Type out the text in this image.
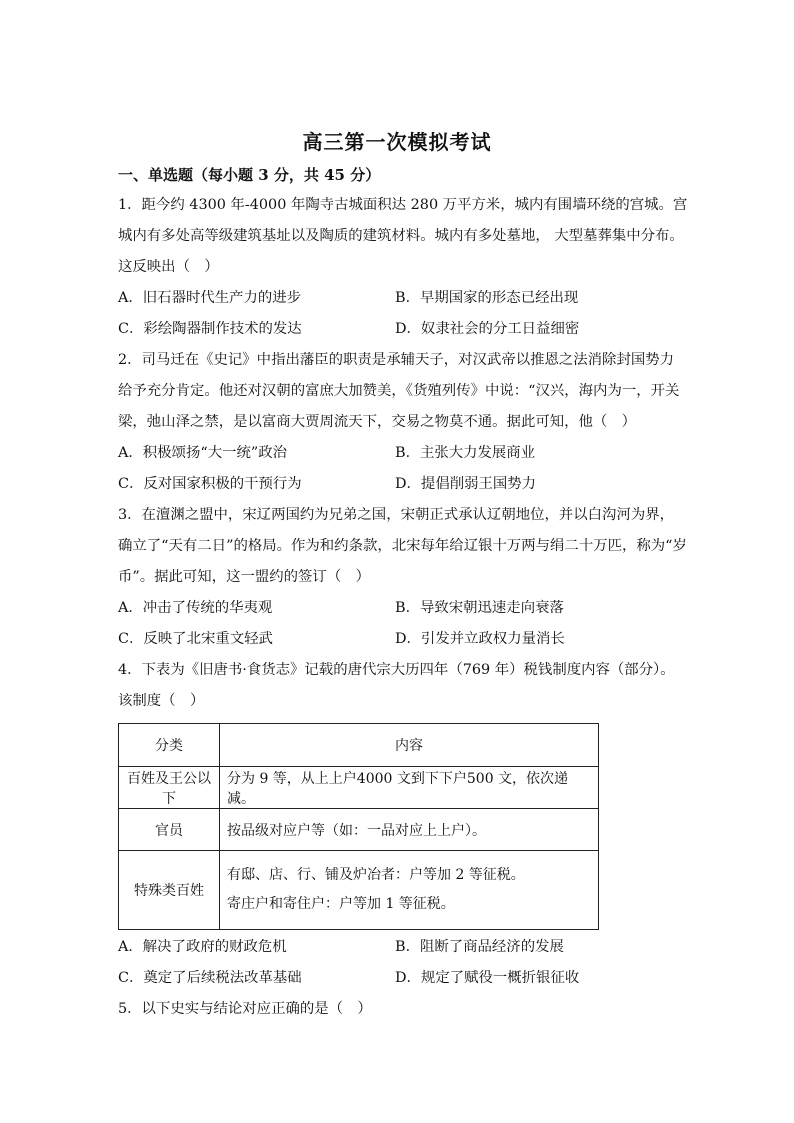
高三第一次模拟考试
一、单选题（每小题 3 分，共 45 分）

1．距今约 4300 年-4000 年陶寺古城面积达 280 万平方米，城内有围墙环绕的宫城。宫城内有多处高等级建筑基址以及陶质的建筑材料。城内有多处墓地， 大型墓葬集中分布。这反映出（　）

A．旧石器时代生产力的进步	B．早期国家的形态已经出现
C．彩绘陶器制作技术的发达	D．奴隶社会的分工日益细密

2．司马迁在《史记》中指出藩臣的职责是承辅天子，对汉武帝以推恩之法消除封国势力给予充分肯定。他还对汉朝的富庶大加赞美，《货殖列传》中说：“汉兴，海内为一，开关梁，弛山泽之禁，是以富商大贾周流天下，交易之物莫不通。据此可知，他（　）

A．积极颂扬“大一统”政治	B．主张大力发展商业
C．反对国家积极的干预行为	D．提倡削弱王国势力

3．在澶渊之盟中，宋辽两国约为兄弟之国，宋朝正式承认辽朝地位，并以白沟河为界，确立了“天有二日”的格局。作为和约条款，北宋每年给辽银十万两与绢二十万匹，称为“岁币”。据此可知，这一盟约的签订（　）

A．冲击了传统的华夷观	B．导致宋朝迅速走向衰落
C．反映了北宋重文轻武	D．引发并立政权力量消长

4．下表为《旧唐书·食货志》记载的唐代宗大历四年（769 年）税钱制度内容（部分）。该制度（　）

分类	内容
百姓及王公以下	分为 9 等，从上上户4000 文到下下户500 文，依次递减。
官员	按品级对应户等（如：一品对应上上户）。
特殊类百姓	有邸、店、行、铺及炉冶者：户等加 2 等征税。
寄庄户和寄住户：户等加 1 等征税。
A．解决了政府的财政危机	B．阻断了商品经济的发展
C．奠定了后续税法改革基础	D．规定了赋役一概折银征收

5．以下史实与结论对应正确的是（　）
